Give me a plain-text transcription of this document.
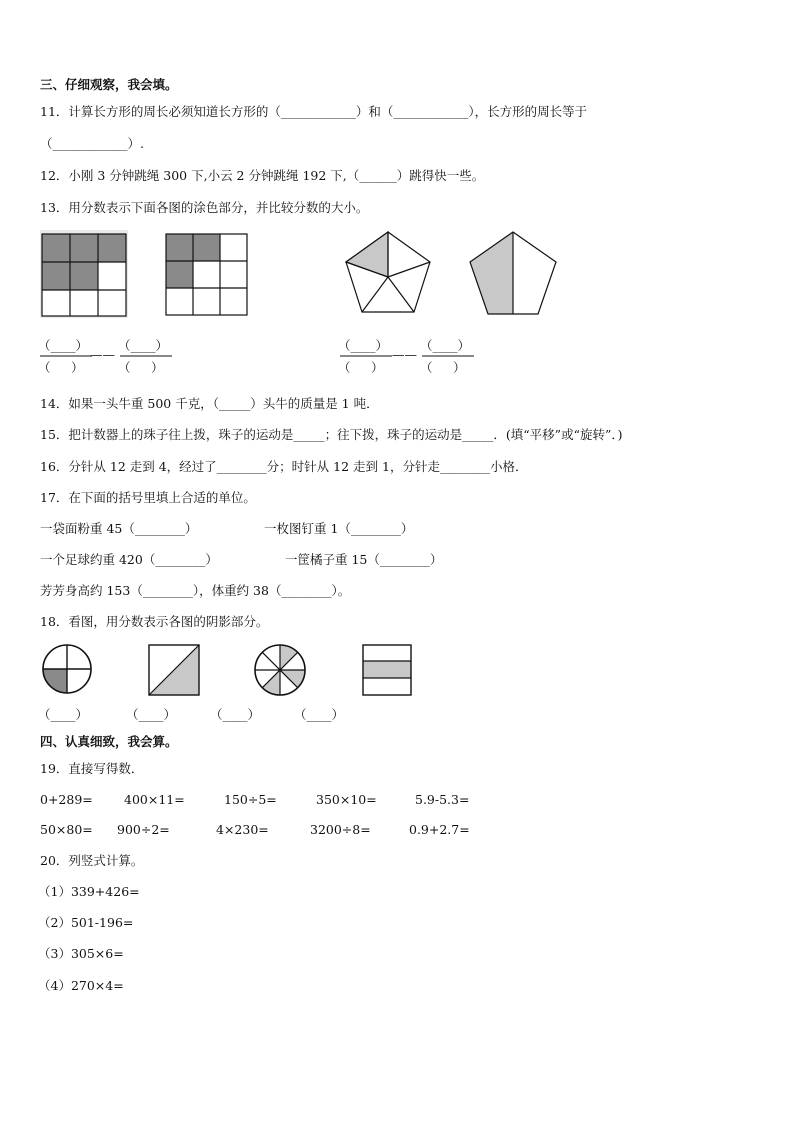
三、仔细观察，我会填。
11．计算长方形的周长必须知道长方形的（____________）和（____________），长方形的周长等于
（____________）.
12．小刚 3 分钟跳绳 300 下,小云 2 分钟跳绳 192 下,（______）跳得快一些。
13．用分数表示下面各图的涂色部分，并比较分数的大小。
（____）
（　  ）
——
（____）
（　  ）
（____）
（　  ）
——
（____）
（　  ）
14．如果一头牛重 500 千克，（_____）头牛的质量是 1 吨．
15．把计数器上的珠子往上拨，珠子的运动是_____；往下拨，珠子的运动是_____．(填“平移”或“旋转”．)
16．分针从 12 走到 4，经过了________分；时针从 12 走到 1，分针走________小格．
17．在下面的括号里填上合适的单位。
一袋面粉重 45（________）	一枚图钉重 1（________）
一个足球约重 420（________）	一筐橘子重 15（________）
芳芳身高约 153（________），体重约 38（________）。
18．看图，用分数表示各图的阴影部分。
（____）	（____）	（____）	（____）
四、认真细致，我会算。
19．直接写得数．
0+289= 400×11=	150÷5=	350×10=	5.9-5.3=
50×80= 900÷2=	4×230=	3200÷8=	0.9+2.7=
20．列竖式计算。
（1）339+426=
（2）501-196=
（3）305×6=
（4）270×4=
